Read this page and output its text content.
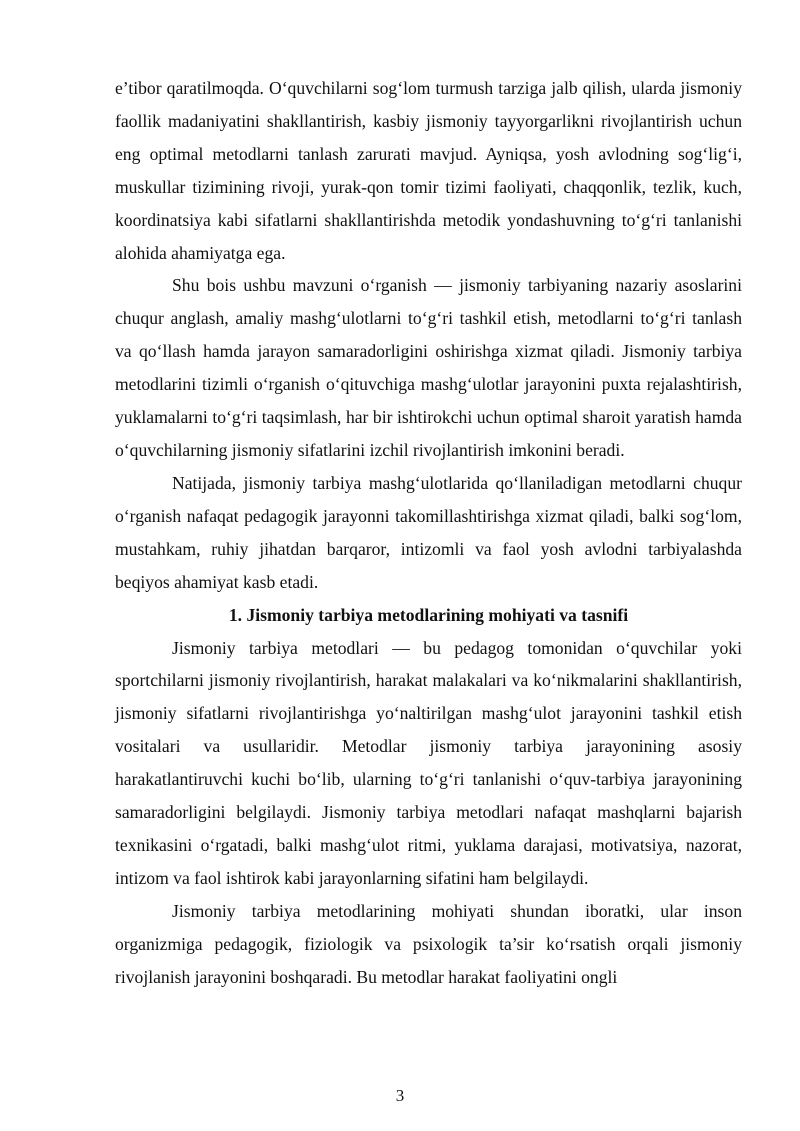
e’tibor qaratilmoqda. O‘quvchilarni sog‘lom turmush tarziga jalb qilish, ularda jismoniy faollik madaniyatini shakllantirish, kasbiy jismoniy tayyorgarlikni rivojlantirish uchun eng optimal metodlarni tanlash zarurati mavjud. Ayniqsa, yosh avlodning sog‘lig‘i, muskullar tizimining rivoji, yurak-qon tomir tizimi faoliyati, chaqqonlik, tezlik, kuch, koordinatsiya kabi sifatlarni shakllantirishda metodik yondashuvning to‘g‘ri tanlanishi alohida ahamiyatga ega.

Shu bois ushbu mavzuni o‘rganish — jismoniy tarbiyaning nazariy asoslarini chuqur anglash, amaliy mashg‘ulotlarni to‘g‘ri tashkil etish, metodlarni to‘g‘ri tanlash va qo‘llash hamda jarayon samaradorligini oshirishga xizmat qiladi. Jismoniy tarbiya metodlarini tizimli o‘rganish o‘qituvchiga mashg‘ulotlar jarayonini puxta rejalashtirish, yuklamalarni to‘g‘ri taqsimlash, har bir ishtirokchi uchun optimal sharoit yaratish hamda o‘quvchilarning jismoniy sifatlarini izchil rivojlantirish imkonini beradi.

Natijada, jismoniy tarbiya mashg‘ulotlarida qo‘llaniladigan metodlarni chuqur o‘rganish nafaqat pedagogik jarayonni takomillashtirishga xizmat qiladi, balki sog‘lom, mustahkam, ruhiy jihatdan barqaror, intizomli va faol yosh avlodni tarbiyalashda beqiyos ahamiyat kasb etadi.

1. Jismoniy tarbiya metodlarining mohiyati va tasnifi

Jismoniy tarbiya metodlari — bu pedagog tomonidan o‘quvchilar yoki sportchilarni jismoniy rivojlantirish, harakat malakalari va ko‘nikmalarini shakllantirish, jismoniy sifatlarni rivojlantirishga yo‘naltirilgan mashg‘ulot jarayonini tashkil etish vositalari va usullaridir. Metodlar jismoniy tarbiya jarayonining asosiy harakatlantiruvchi kuchi bo‘lib, ularning to‘g‘ri tanlanishi o‘quv-tarbiya jarayonining samaradorligini belgilaydi. Jismoniy tarbiya metodlari nafaqat mashqlarni bajarish texnikasini o‘rgatadi, balki mashg‘ulot ritmi, yuklama darajasi, motivatsiya, nazorat, intizom va faol ishtirok kabi jarayonlarning sifatini ham belgilaydi.

Jismoniy tarbiya metodlarining mohiyati shundan iboratki, ular inson organizmiga pedagogik, fiziologik va psixologik ta’sir ko‘rsatish orqali jismoniy rivojlanish jarayonini boshqaradi. Bu metodlar harakat faoliyatini ongli

3
